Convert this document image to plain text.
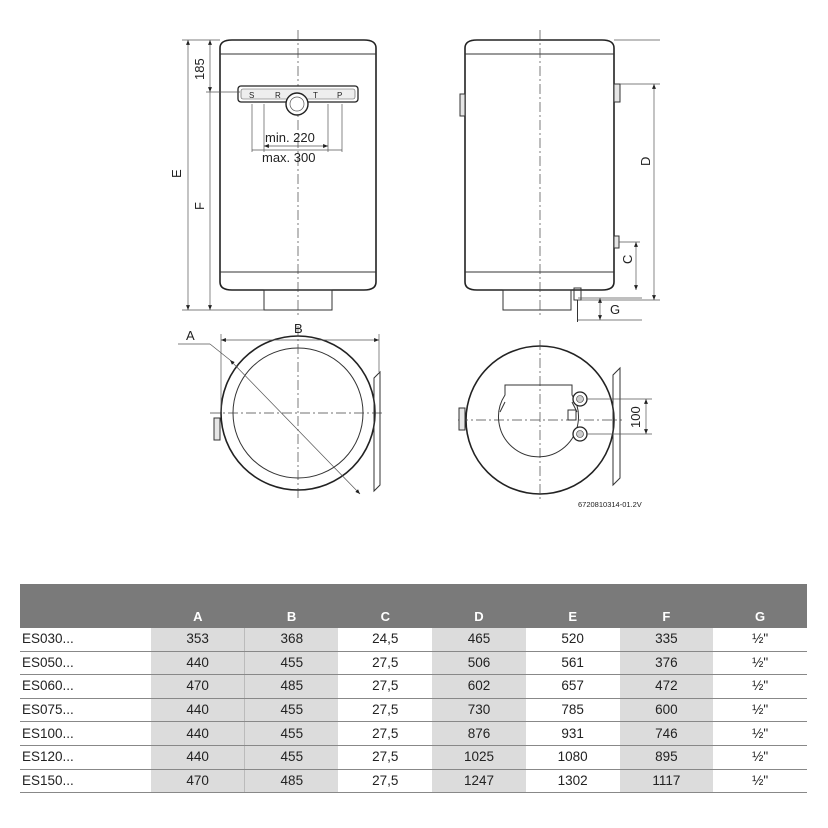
S	R	T P
min. 220
max. 300
185
E
F
D
C
G
A	B
100
6720810314-01.2V
	A	B	C	D	E	F	G
ES030...	353	368	24,5	465	520	335	½"
ES050...	440	455	27,5	506	561	376	½"
ES060...	470	485	27,5	602	657	472	½"
ES075...	440	455	27,5	730	785	600	½"
ES100...	440	455	27,5	876	931	746	½"
ES120...	440	455	27,5	1025	1080	895	½"
ES150...	470	485	27,5	1247	1302	1117	½"
